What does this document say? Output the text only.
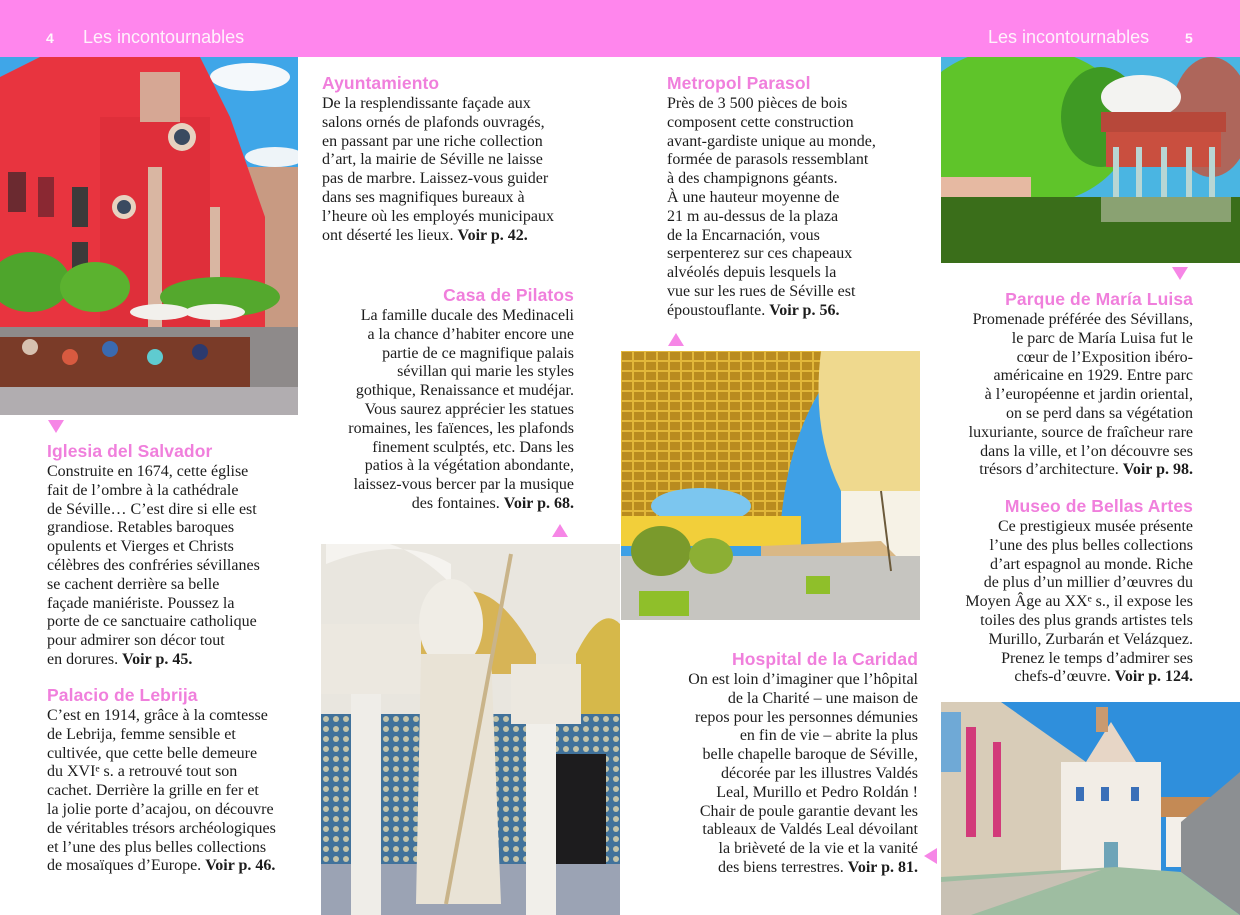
4 Les incontournables	Les incontournables	5
Iglesia del Salvador

Construite en 1674, cette église
fait de l’ombre à la cathédrale
de Séville… C’est dire si elle est
grandiose. Retables baroques
opulents et Vierges et Christs
célèbres des confréries sévillanes
se cachent derrière sa belle
façade maniériste. Poussez la
porte de ce sanctuaire catholique
pour admirer son décor tout
en dorures. Voir p. 45.

Palacio de Lebrija

C’est en 1914, grâce à la comtesse
de Lebrija, femme sensible et
cultivée, que cette belle demeure
du XVIᵉ s. a retrouvé tout son
cachet. Derrière la grille en fer et
la jolie porte d’acajou, on découvre
de véritables trésors archéologiques
et l’une des plus belles collections
de mosaïques d’Europe. Voir p. 46.

Ayuntamiento

De la resplendissante façade aux
salons ornés de plafonds ouvragés,
en passant par une riche collection
d’art, la mairie de Séville ne laisse
pas de marbre. Laissez-vous guider
dans ses magnifiques bureaux à
l’heure où les employés municipaux
ont déserté les lieux. Voir p. 42.

Casa de Pilatos

La famille ducale des Medinaceli
a la chance d’habiter encore une
partie de ce magnifique palais
sévillan qui marie les styles
gothique, Renaissance et mudéjar.
Vous saurez apprécier les statues
romaines, les faïences, les plafonds
finement sculptés, etc. Dans les
patios à la végétation abondante,
laissez-vous bercer par la musique
des fontaines. Voir p. 68.

Metropol Parasol

Près de 3 500 pièces de bois
composent cette construction
avant-gardiste unique au monde,
formée de parasols ressemblant
à des champignons géants.
À une hauteur moyenne de
21 m au-dessus de la plaza
de la Encarnación, vous
serpenterez sur ces chapeaux
alvéolés depuis lesquels la
vue sur les rues de Séville est
époustouflante. Voir p. 56.

Hospital de la Caridad

On est loin d’imaginer que l’hôpital
de la Charité – une maison de
repos pour les personnes démunies
en fin de vie – abrite la plus
belle chapelle baroque de Séville,
décorée par les illustres Valdés
Leal, Murillo et Pedro Roldán !
Chair de poule garantie devant les
tableaux de Valdés Leal dévoilant
la brièveté de la vie et la vanité
des biens terrestres. Voir p. 81.

Parque de María Luisa

Promenade préférée des Sévillans,
le parc de María Luisa fut le
cœur de l’Exposition ibéro-
américaine en 1929. Entre parc
à l’européenne et jardin oriental,
on se perd dans sa végétation
luxuriante, source de fraîcheur rare
dans la ville, et l’on découvre ses
trésors d’architecture. Voir p. 98.

Museo de Bellas Artes

Ce prestigieux musée présente
l’une des plus belles collections
d’art espagnol au monde. Riche
de plus d’un millier d’œuvres du
Moyen Âge au XXᵉ s., il expose les
toiles des plus grands artistes tels
Murillo, Zurbarán et Velázquez.
Prenez le temps d’admirer ses
chefs-d’œuvre. Voir p. 124.
